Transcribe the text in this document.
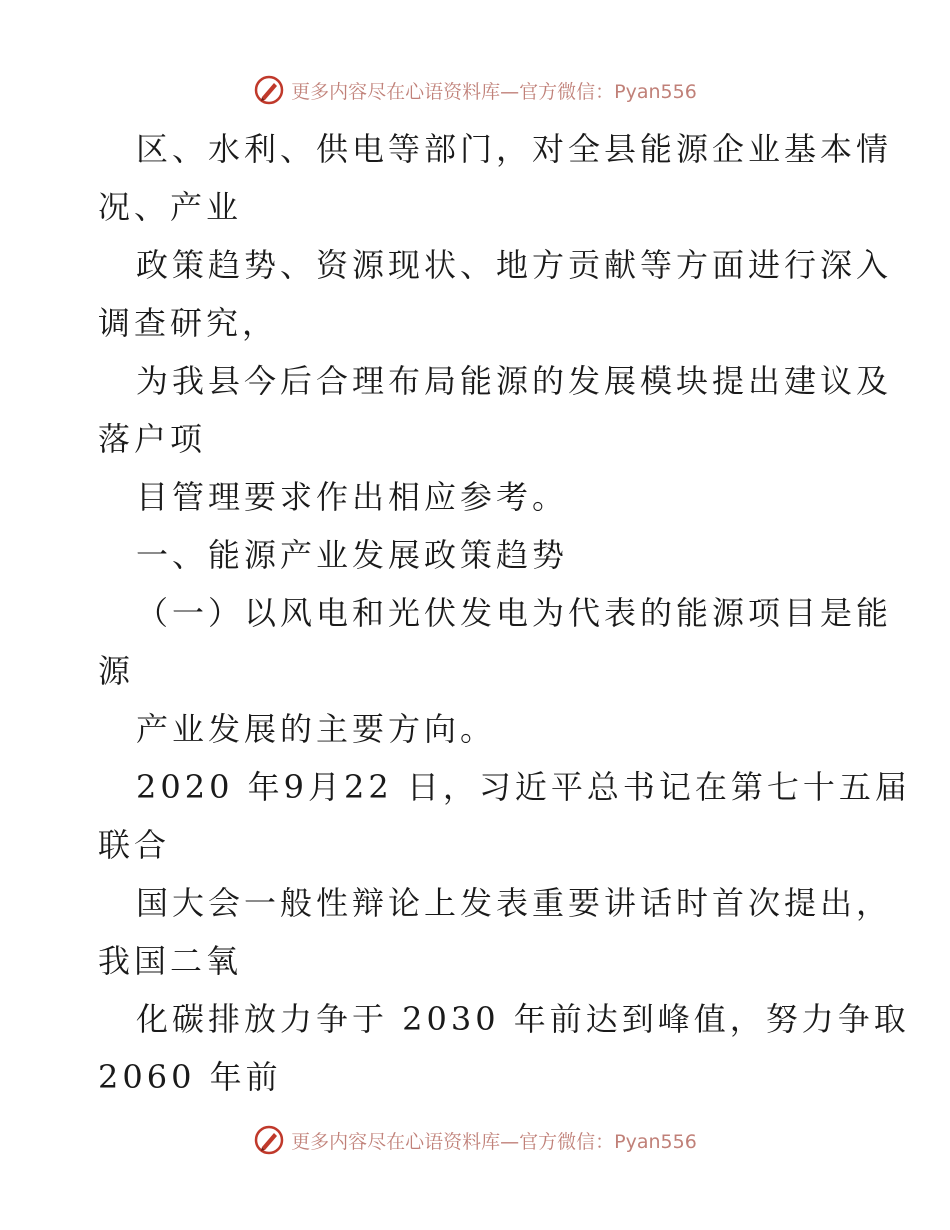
更多内容尽在心语资料库—官方微信：Pyan556

区、水利、供电等部门，对全县能源企业基本情
况、产业

政策趋势、资源现状、地方贡献等方面进行深入
调查研究，

为我县今后合理布局能源的发展模块提出建议及
落户项

目管理要求作出相应参考。

一、能源产业发展政策趋势

（一）以风电和光伏发电为代表的能源项目是能
源

产业发展的主要方向。

2020 年9月22 日，习近平总书记在第七十五届
联合

国大会一般性辩论上发表重要讲话时首次提出，
我国二氧

化碳排放力争于 2030 年前达到峰值，努力争取
2060 年前

更多内容尽在心语资料库—官方微信：Pyan556
